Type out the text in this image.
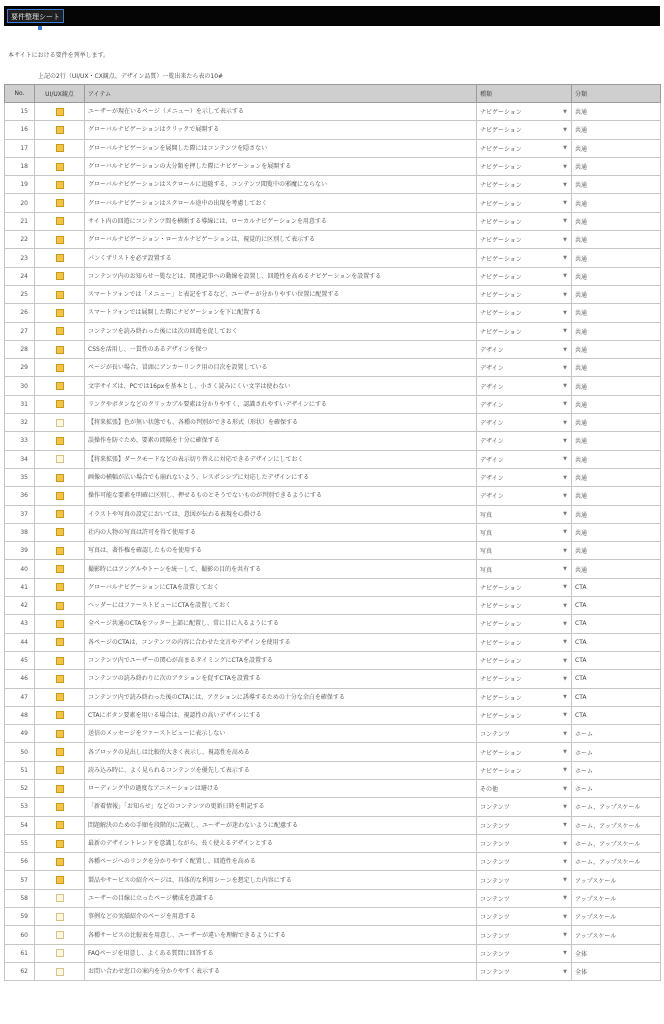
要件整理シート
本サイトにおける要件を列挙します。
上記の2行（UI/UX・CX観点、デザイン品質）一覧出来たら表の10#
No.	UI/UX観点	アイテム	種類	分類
15		ユーザーが現在いるページ（メニュー）を示して表示する	ナビゲーション ▼	共通
16		グローバルナビゲーションはクリックで展開する	ナビゲーション ▼	共通
17		グローバルナビゲーションを展開した際にはコンテンツを隠さない	ナビゲーション ▼	共通
18		グローバルナビゲーションの大分類を押した際にナビゲーションを展開する	ナビゲーション ▼	共通
19		グローバルナビゲーションはスクロールに追随する、コンテンツ閲覧中の邪魔にならない	ナビゲーション ▼	共通
20		グローバルナビゲーションはスクロール途中の出現を考慮しておく	ナビゲーション ▼	共通
21		サイト内の回遊にコンテンツ間を横断する導線には、ローカルナビゲーションを用意する	ナビゲーション ▼	共通
22		グローバルナビゲーション・ローカルナビゲーションは、視覚的に区別して表示する	ナビゲーション ▼	共通
23		パンくずリストを必ず設置する	ナビゲーション ▼	共通
24		コンテンツ内のお知らせ一覧などは、関連記事への動線を設置し、回遊性を高めるナビゲーションを設置する	ナビゲーション ▼	共通
25		スマートフォンでは「メニュー」と表記をするなど、ユーザーが分かりやすい位置に配置する	ナビゲーション ▼	共通
26		スマートフォンでは展開した際にナビゲーションを下に配置する	ナビゲーション ▼	共通
27		コンテンツを読み終わった後には次の回遊を促しておく	ナビゲーション ▼	共通
28		CSSを活用し、一貫性のあるデザインを保つ	デザイン ▼	共通
29		ページが長い場合、冒頭にアンカーリンク用の目次を設置している	デザイン ▼	共通
30		文字サイズは、PCでは16pxを基本とし、小さく読みにくい文字は使わない	デザイン ▼	共通
31		リンクやボタンなどのクリッカブル要素は分かりやすく、認識されやすいデザインにする	デザイン ▼	共通
32		【将来拡張】色が無い状態でも、各種の判別ができる形式（形状）を確保する	デザイン ▼	共通
33		誤操作を防ぐため、要素の間隔を十分に確保する	デザイン ▼	共通
34		【将来拡張】ダークモードなどの表示切り替えに対応できるデザインにしておく	デザイン ▼	共通
35		画像の横幅が広い場合でも崩れないよう、レスポンシブに対応したデザインにする	デザイン ▼	共通
36		操作可能な要素を明確に区別し、押せるものとそうでないものが判別できるようにする	デザイン ▼	共通
37		イラストや写真の設定においては、意図が伝わる表現を心掛ける	写真 ▼	共通
38		社内の人物の写真は許可を得て使用する	写真 ▼	共通
39		写真は、著作権を確認したものを使用する	写真 ▼	共通
40		撮影時にはアングルやトーンを統一して、撮影の目的を共有する	写真 ▼	共通
41		グローバルナビゲーションにCTAを設置しておく	ナビゲーション ▼	CTA
42		ヘッダーにはファーストビューにCTAを設置しておく	ナビゲーション ▼	CTA
43		全ページ共通のCTAをフッター上部に配置し、常に目に入るようにする	ナビゲーション ▼	CTA
44		各ページのCTAは、コンテンツの内容に合わせた文言やデザインを使用する	ナビゲーション ▼	CTA
45		コンテンツ内でユーザーの関心が高まるタイミングにCTAを設置する	ナビゲーション ▼	CTA
46		コンテンツの読み終わりに次のアクションを促すCTAを設置する	ナビゲーション ▼	CTA
47		コンテンツ内で読み終わった後のCTAには、アクションに誘導するための十分な余白を確保する	ナビゲーション ▼	CTA
48		CTAにボタン要素を用いる場合は、視認性の高いデザインにする	ナビゲーション ▼	CTA
49		送信のメッセージをファーストビューに表示しない	コンテンツ ▼	ホーム
50		各ブロックの見出しは比較的大きく表示し、視認性を高める	ナビゲーション ▼	ホーム
51		読み込み時に、よく見られるコンテンツを優先して表示する	ナビゲーション ▼	ホーム
52		ローディング中の過度なアニメーションは避ける	その他 ▼	ホーム
53		「新着情報」「お知らせ」などのコンテンツの更新日時を明記する	コンテンツ ▼	ホーム、アップスケール
54		問題解決のための手順を段階的に記載し、ユーザーが迷わないように配慮する	コンテンツ ▼	ホーム、アップスケール
55		最新のデザイントレンドを意識しながら、長く使えるデザインとする	コンテンツ ▼	ホーム、アップスケール
56		各種ページへのリンクを分かりやすく配置し、回遊性を高める	コンテンツ ▼	ホーム、アップスケール
57		製品やサービスの紹介ページは、具体的な利用シーンを想定した内容にする	コンテンツ ▼	アップスケール
58		ユーザーの目線に立ったページ構成を意識する	コンテンツ ▼	アップスケール
59		事例などの実績紹介のページを用意する	コンテンツ ▼	アップスケール
60		各種サービスの比較表を用意し、ユーザーが違いを理解できるようにする	コンテンツ ▼	アップスケール
61		FAQページを用意し、よくある質問に回答する	コンテンツ ▼	全体
62		お問い合わせ窓口の案内を分かりやすく表示する	コンテンツ ▼	全体
